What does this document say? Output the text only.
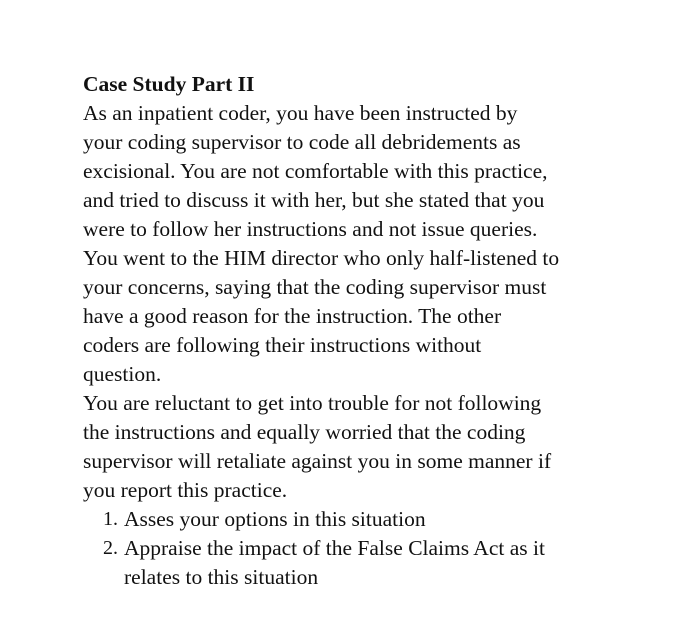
Case Study Part II
As an inpatient coder, you have been instructed by
your coding supervisor to code all debridements as
excisional. You are not comfortable with this practice,
and tried to discuss it with her, but she stated that you
were to follow her instructions and not issue queries.
You went to the HIM director who only half-listened to
your concerns, saying that the coding supervisor must
have a good reason for the instruction. The other
coders are following their instructions without
question.
You are reluctant to get into trouble for not following
the instructions and equally worried that the coding
supervisor will retaliate against you in some manner if
you report this practice.
1. Asses your options in this situation
2. Appraise the impact of the False Claims Act as it
relates to this situation
